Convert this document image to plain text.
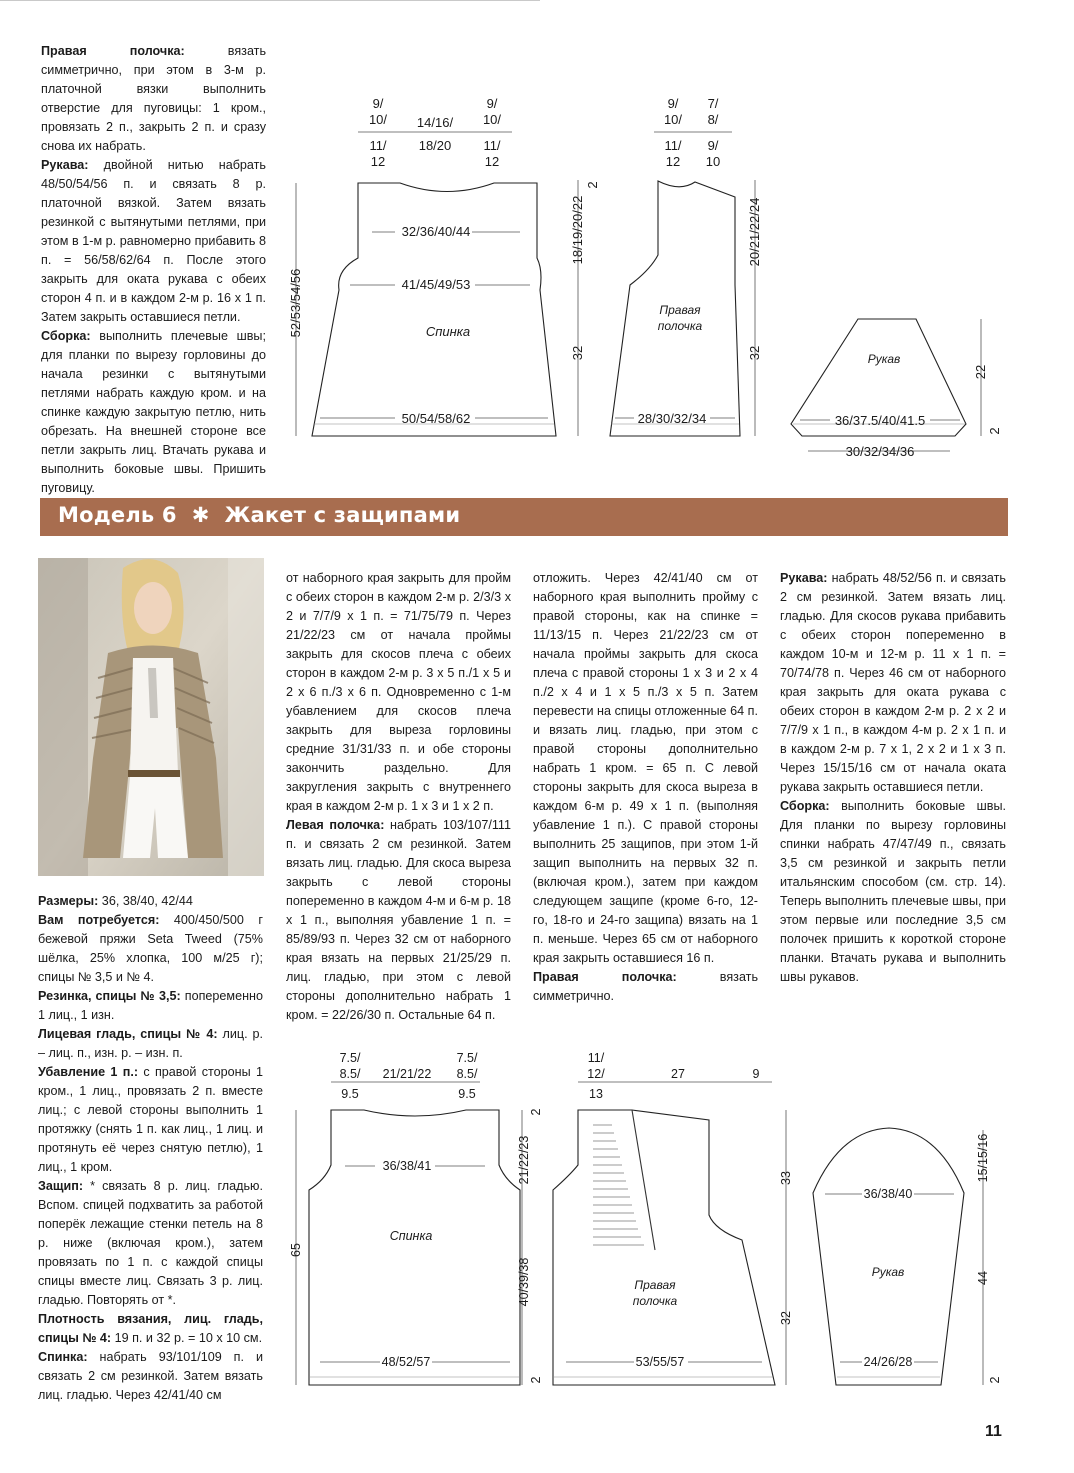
Правая полочка: вязать симметрично, при этом в 3-м р. платочной вязки выполнить отверстие для пуговицы: 1 кром., провязать 2 п., закрыть 2 п. и сразу снова их набрать.

Рукава: двойной нитью набрать 48/50/54/56 п. и связать 8 р. платочной вязкой. Затем вязать резинкой с вытянутыми петлями, при этом в 1-м р. равномерно прибавить 8 п. = 56/58/62/64 п. После этого закрыть для оката рукава с обеих сторон 4 п. и в каждом 2-м р. 16 х 1 п. Затем закрыть оставшиеся петли.

Сборка: выполнить плечевые швы; для планки по вырезу горловины до начала резинки с вытянутыми петлями набрать каждую кром. и на спинке каждую закрытую петлю, нить обрезать. На внешней стороне все петли закрыть лиц. Втачать рукава и выполнить боковые швы. Пришить пуговицу.

9/ 10/
11/ 12
14/16/
18/20
9/ 10/
11/ 12
32/36/40/44
41/45/49/53
Спинка
50/54/58/62
52/53/54/56
9/ 10/
11/ 12
7/ 8/
9/ 10
2
18/19/20/22
32
Правая полочка
28/30/32/34
20/21/22/24
32	Рукав
36/37.5/40/41.5
30/32/34/36
22
2
Модель 6 ✱ Жакет с защипами

Размеры: 36, 38/40, 42/44

Вам потребуется: 400/450/500 г бежевой пряжи Seta Tweed (75% шёлка, 25% хлопка, 100 м/25 г); спицы № 3,5 и № 4.

Резинка, спицы № 3,5: попеременно 1 лиц., 1 изн.

Лицевая гладь, спицы № 4: лиц. р. – лиц. п., изн. р. – изн. п.

Убавление 1 п.: с правой стороны 1 кром., 1 лиц., провязать 2 п. вместе лиц.; с левой стороны выполнить 1 протяжку (снять 1 п. как лиц., 1 лиц. и протянуть её через снятую петлю), 1 лиц., 1 кром.

Защип: * связать 8 р. лиц. гладью. Вспом. спицей подхватить за работой поперёк лежащие стенки петель на 8 р. ниже (включая кром.), затем провязать по 1 п. с каждой спицы спицы вместе лиц. Связать 3 р. лиц. гладью. Повторять от *.

Плотность вязания, лиц. гладь, спицы № 4: 19 п. и 32 р. = 10 х 10 см.

Спинка: набрать 93/101/109 п. и связать 2 см резинкой. Затем вязать лиц. гладью. Через 42/41/40 см

от наборного края закрыть для пройм с обеих сторон в каждом 2-м р. 2/3/3 х 2 и 7/7/9 х 1 п. = 71/75/79 п. Через 21/22/23 см от начала проймы закрыть для скосов плеча с обеих сторон в каждом 2-м р. 3 х 5 п./1 х 5 и 2 х 6 п./3 х 6 п. Одновременно с 1-м убавлением для скосов плеча закрыть для выреза горловины средние 31/31/33 п. и обе стороны закончить раздельно. Для закругления закрыть с внутреннего края в каждом 2-м р. 1 х 3 и 1 х 2 п.

Левая полочка: набрать 103/107/111 п. и связать 2 см резинкой. Затем вязать лиц. гладью. Для скоса выреза закрыть с левой стороны попеременно в каждом 4-м и 6-м р. 18 х 1 п., выполняя убавление 1 п. = 85/89/93 п. Через 32 см от наборного края вязать на первых 21/25/29 п. лиц. гладью, при этом с левой стороны дополнительно набрать 1 кром. = 22/26/30 п. Остальные 64 п.

отложить. Через 42/41/40 см от наборного края выполнить пройму с правой стороны, как на спинке = 11/13/15 п. Через 21/22/23 см от начала проймы закрыть для скоса плеча с правой стороны 1 х 3 и 2 х 4 п./2 х 4 и 1 х 5 п./3 х 5 п. Затем перевести на спицы отложенные 64 п. и вязать лиц. гладью, при этом с правой стороны дополнительно набрать 1 кром. = 65 п. С левой стороны закрыть для скоса выреза в каждом 6-м р. 49 х 1 п. (выполняя убавление 1 п.). С правой стороны выполнить 25 защипов, при этом 1-й защип выполнить на первых 32 п. (включая кром.), затем при каждом следующем защипе (кроме 6-го, 12-го, 18-го и 24-го защипа) вязать на 1 п. меньше. Через 65 см от наборного края закрыть оставшиеся 16 п.

Правая полочка: вязать симметрично.

Рукава: набрать 48/52/56 п. и связать 2 см резинкой. Затем вязать лиц. гладью. Для скосов рукава прибавить с обеих сторон попеременно в каждом 10-м и 12-м р. 11 х 1 п. = 70/74/78 п. Через 46 см от наборного края закрыть для оката рукава с обеих сторон в каждом 2-м р. 2 х 2 и 7/7/9 х 1 п., в каждом 4-м р. 2 х 1 п. и в каждом 2-м р. 7 х 1, 2 х 2 и 1 х 3 п. Через 15/15/16 см от начала оката рукава закрыть оставшиеся петли.

Сборка: выполнить боковые швы. Для планки по вырезу горловины спинки набрать 47/47/49 п., связать 3,5 см резинкой и закрыть петли итальянским способом (см. стр. 14). Теперь выполнить плечевые швы, при этом первые или последние 3,5 см полочек пришить к короткой стороне планки. Втачать рукава и выполнить швы рукавов.

7.5/ 8.5/
9.5
21/21/22
7.5/ 8.5/
9.5
36/38/41
Спинка
48/52/57
65
11/ 12/
13
27	9
2
21/22/23
40/39/38	Правая полочка
53/55/57
33
32
2
36/38/40
Рукав
24/26/28
15/15/16
44
2
11
